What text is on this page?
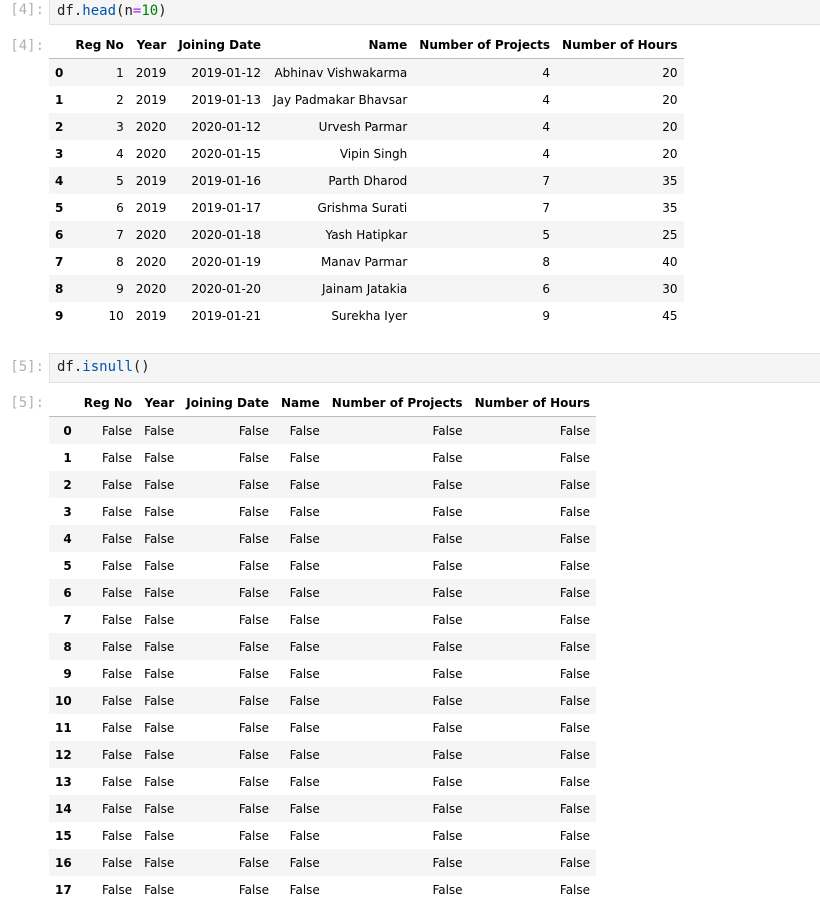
[4]: df.head(n=10)
[4]:
		Reg No	Year	Joining Date	Name	Number of Projects	Number of Hours
0	1	2019	2019-01-12	Abhinav Vishwakarma	4	20
1	2	2019	2019-01-13	Jay Padmakar Bhavsar	4	20
2	3	2020	2020-01-12	Urvesh Parmar	4	20
3	4	2020	2020-01-15	Vipin Singh	4	20
4	5	2019	2019-01-16	Parth Dharod	7	35
5	6	2019	2019-01-17	Grishma Surati	7	35
6	7	2020	2020-01-18	Yash Hatipkar	5	25
7	8	2020	2020-01-19	Manav Parmar	8	40
8	9	2020	2020-01-20	Jainam Jatakia	6	30
9	10	2019	2019-01-21	Surekha Iyer	9	45
[5]: df.isnull()
[5]:
		Reg No	Year	Joining Date	Name	Number of Projects	Number of Hours
0	False	False	False	False	False	False
1	False	False	False	False	False	False
2	False	False	False	False	False	False
3	False	False	False	False	False	False
4	False	False	False	False	False	False
5	False	False	False	False	False	False
6	False	False	False	False	False	False
7	False	False	False	False	False	False
8	False	False	False	False	False	False
9	False	False	False	False	False	False
10	False	False	False	False	False	False
11	False	False	False	False	False	False
12	False	False	False	False	False	False
13	False	False	False	False	False	False
14	False	False	False	False	False	False
15	False	False	False	False	False	False
16	False	False	False	False	False	False
17	False	False	False	False	False	False
